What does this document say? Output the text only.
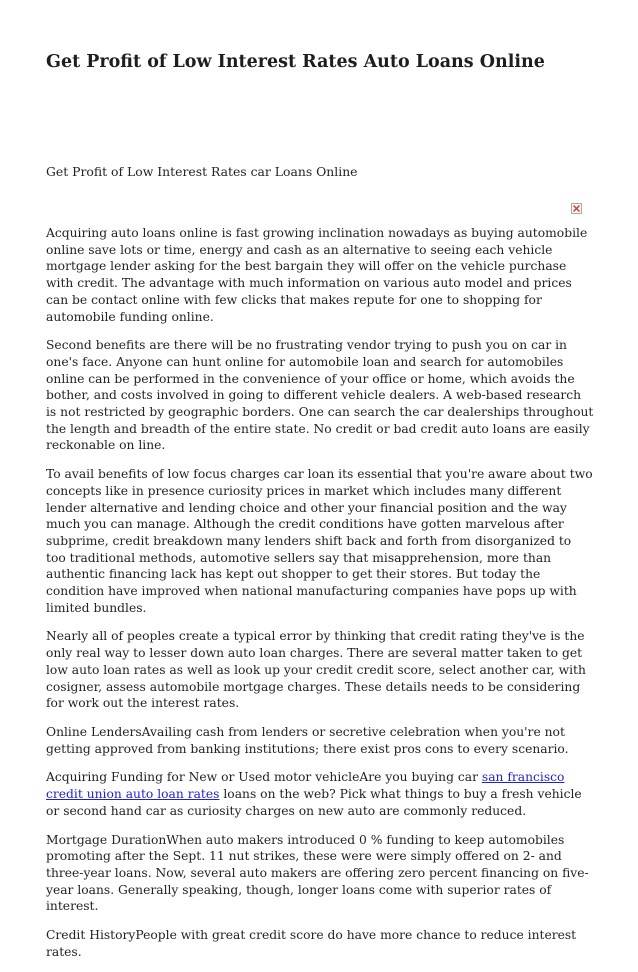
Get Profit of Low Interest Rates Auto Loans Online

Get Profit of Low Interest Rates car Loans Online

Acquiring auto loans online is fast growing inclination nowadays as buying automobile online save lots or time, energy and cash as an alternative to seeing each vehicle mortgage lender asking for the best bargain they will offer on the vehicle purchase with credit. The advantage with much information on various auto model and prices can be contact online with few clicks that makes repute for one to shopping for automobile funding online.

Second benefits are there will be no frustrating vendor trying to push you on car in one's face. Anyone can hunt online for automobile loan and search for automobiles online can be performed in the convenience of your office or home, which avoids the bother, and costs involved in going to different vehicle dealers. A web-based research is not restricted by geographic borders. One can search the car dealerships throughout the length and breadth of the entire state. No credit or bad credit auto loans are easily reckonable on line.

To avail benefits of low focus charges car loan its essential that you're aware about two concepts like in presence curiosity prices in market which includes many different lender alternative and lending choice and other your financial position and the way much you can manage. Although the credit conditions have gotten marvelous after subprime, credit breakdown many lenders shift back and forth from disorganized to too traditional methods, automotive sellers say that misapprehension, more than authentic financing lack has kept out shopper to get their stores. But today the condition have improved when national manufacturing companies have pops up with limited bundles.

Nearly all of peoples create a typical error by thinking that credit rating they've is the only real way to lesser down auto loan charges. There are several matter taken to get low auto loan rates as well as look up your credit credit score, select another car, with cosigner, assess automobile mortgage charges. These details needs to be considering for work out the interest rates.

Online LendersAvailing cash from lenders or secretive celebration when you're not getting approved from banking institutions; there exist pros cons to every scenario.

Acquiring Funding for New or Used motor vehicleAre you buying car san francisco credit union auto loan rates loans on the web? Pick what things to buy a fresh vehicle or second hand car as curiosity charges on new auto are commonly reduced.

Mortgage DurationWhen auto makers introduced 0 % funding to keep automobiles promoting after the Sept. 11 nut strikes, these were were simply offered on 2- and three-year loans. Now, several auto makers are offering zero percent financing on five-year loans. Generally speaking, though, longer loans come with superior rates of interest.

Credit HistoryPeople with great credit score do have more chance to reduce interest rates.
